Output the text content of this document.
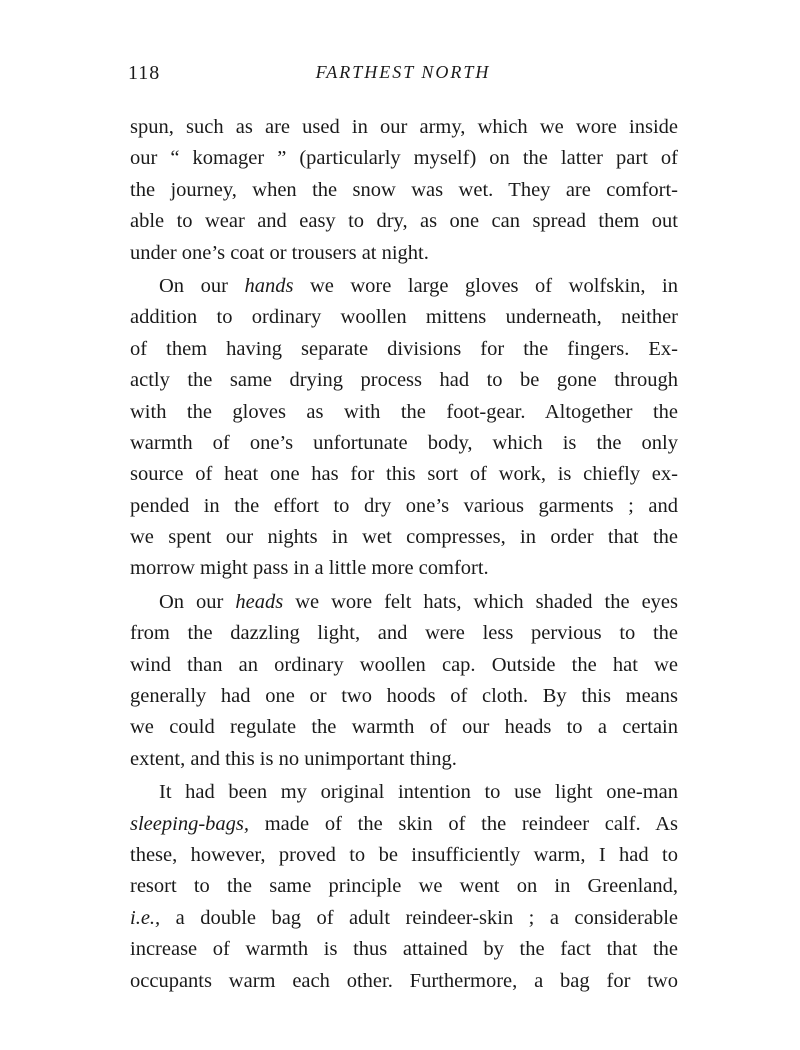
118	FARTHEST NORTH
spun, such as are used in our army, which we wore inside
our “ komager ” (particularly myself) on the latter part of
the journey, when the snow was wet. They are comfort-
able to wear and easy to dry, as one can spread them out
under one’s coat or trousers at night.
On our hands we wore large gloves of wolfskin, in
addition to ordinary woollen mittens underneath, neither
of them having separate divisions for the fingers. Ex-
actly the same drying process had to be gone through
with the gloves as with the foot-gear. Altogether the
warmth of one’s unfortunate body, which is the only
source of heat one has for this sort of work, is chiefly ex-
pended in the effort to dry one’s various garments ; and
we spent our nights in wet compresses, in order that the
morrow might pass in a little more comfort.
On our heads we wore felt hats, which shaded the eyes
from the dazzling light, and were less pervious to the
wind than an ordinary woollen cap. Outside the hat we
generally had one or two hoods of cloth. By this means
we could regulate the warmth of our heads to a certain
extent, and this is no unimportant thing.
It had been my original intention to use light one-man
sleeping-bags, made of the skin of the reindeer calf. As
these, however, proved to be insufficiently warm, I had to
resort to the same principle we went on in Greenland,
i.e., a double bag of adult reindeer-skin ; a considerable
increase of warmth is thus attained by the fact that the
occupants warm each other. Furthermore, a bag for two
